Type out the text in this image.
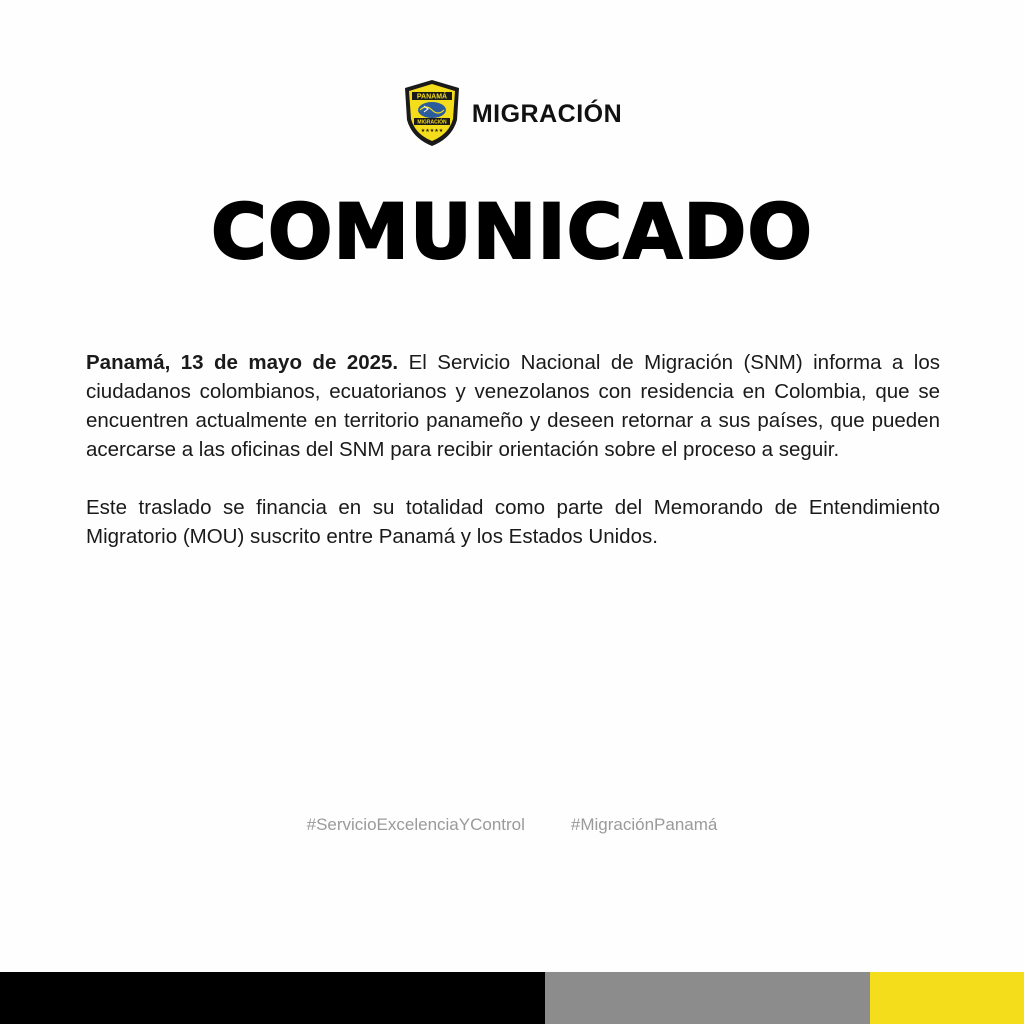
PANAMÁ
MIGRACIÓN
★★★★★
MIGRACIÓN
COMUNICADO

Panamá, 13 de mayo de 2025. El Servicio Nacional de Migración (SNM) informa a los ciudadanos colombianos, ecuatorianos y venezolanos con residencia en Colombia, que se encuentren actualmente en territorio panameño y deseen retornar a sus países, que pueden acercarse a las oficinas del SNM para recibir orientación sobre el proceso a seguir.

Este traslado se financia en su totalidad como parte del Memorando de Entendimiento Migratorio (MOU) suscrito entre Panamá y los Estados Unidos.

#ServicioExcelenciaYControl	#MigraciónPanamá
